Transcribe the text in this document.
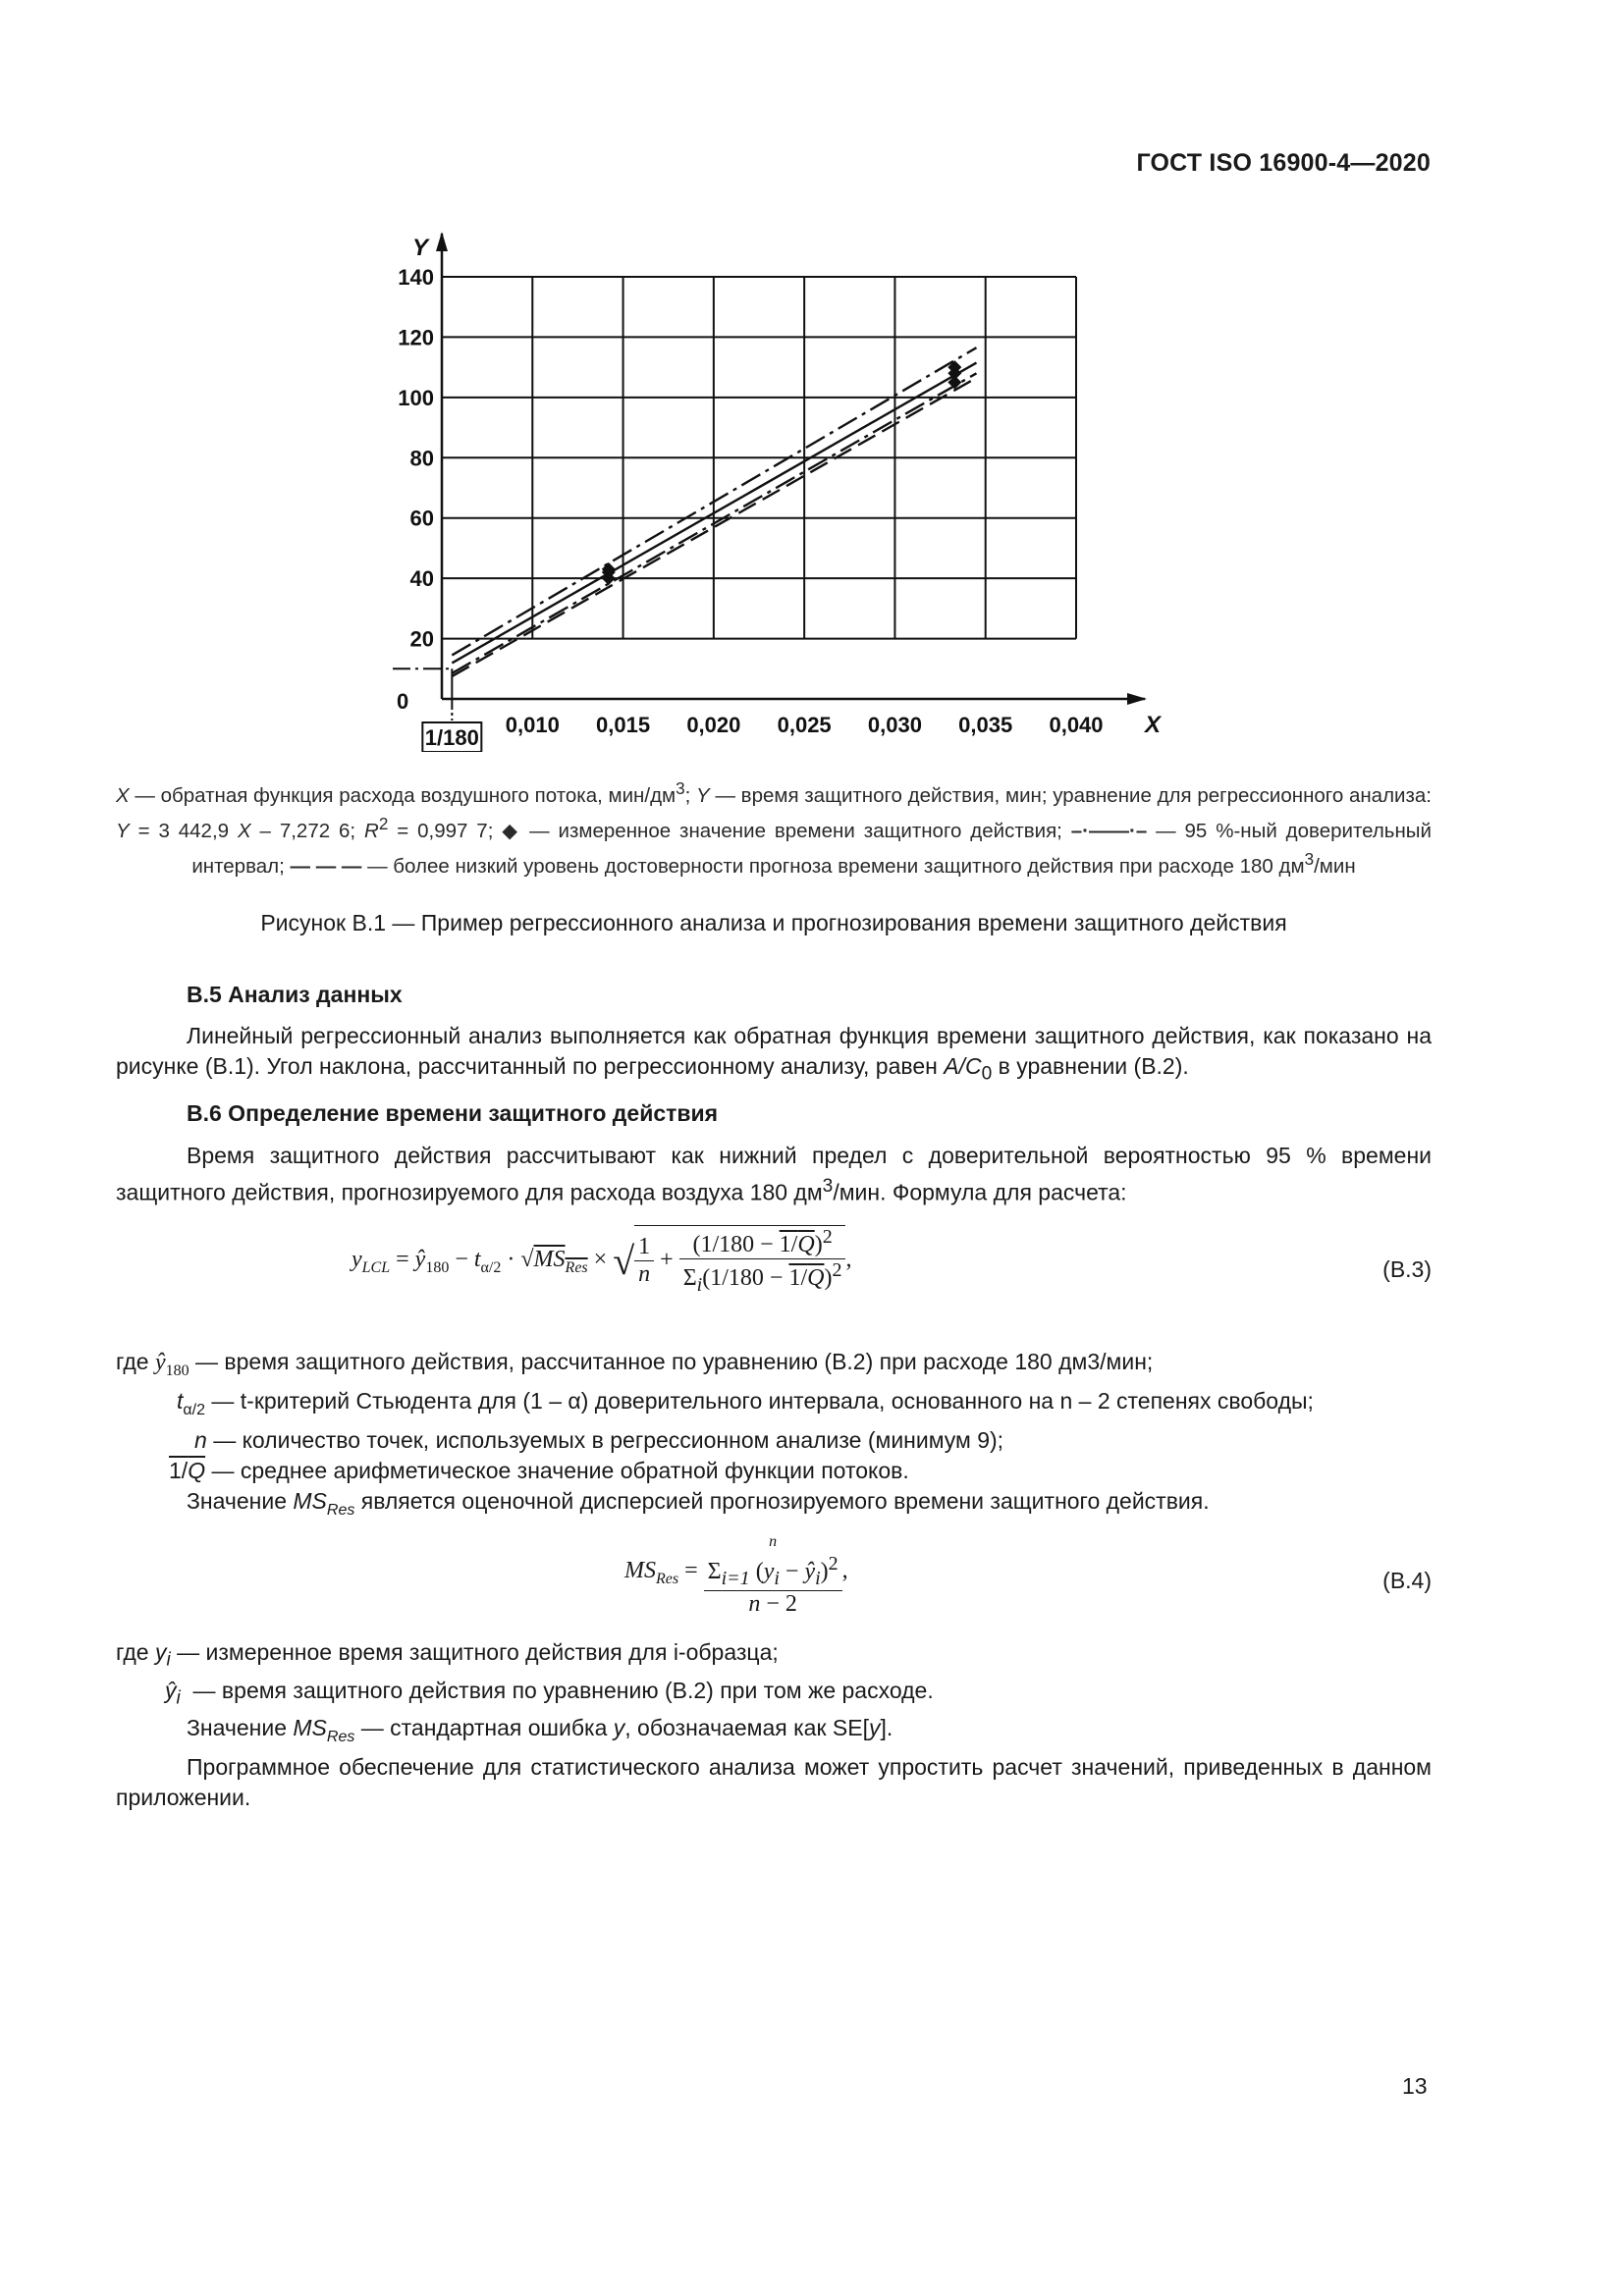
ГОСТ ISO 16900-4—2020
0
20
40
60
80
100
120
140
0,010 0,015 0,020 0,025 0,030 0,035 0,040 X
Y
1/180
X — обратная функция расхода воздушного потока, мин/$дм^3$; Y — время защитного действия, мин; уравнение для регрессионного анализа: Y = 3 442,9 X – 7,272 6; $R^2 = 0,997$ 7; ◆ — измеренное значение времени защитного действия; –·——·– — 95 %-ный доверительный интервал; — — — — более низкий уровень достоверности прогноза времени защитного действия при расходе 180 $дм^3$/мин
Рисунок В.1 — Пример регрессионного анализа и прогнозирования времени защитного действия

В.5 Анализ данных

Линейный регрессионный анализ выполняется как обратная функция времени защитного действия, как показано на рисунке (В.1). Угол наклона, рассчитанный по регрессионному анализу, равен $A/C_0$ в уравнении (В.2).

В.6 Определение времени защитного действия

Время защитного действия рассчитывают как нижний предел с доверительной вероятностью 95 % времени защитного действия, прогнозируемого для расхода воздуха 180 $дм^3$/мин. Формула для расчета:

$y_{LCL}$ = $ŷ_{180} - t_{\alpha/2} \cdot √MS_{Res}$ × √ $\frac{1}{n} + \frac{(1/180 - 1/Q)^2}{\Sigma_i(1/180 - 1/Q)^2}$ ,	(В.3)
где $ŷ_{180}$ — время защитного действия, рассчитанное по уравнению (В.2) при расходе 180 дм3/мин;
$t_{\alpha/2}$ — t-критерий Стьюдента для (1 – α) доверительного интервала, основанного на n – 2 степенях свободы;
n — количество точек, используемых в регрессионном анализе (минимум 9);
1/Q — среднее арифметическое значение обратной функции потоков.
Значение $MS_{Res}$ является оценочной дисперсией прогнозируемого времени защитного действия.
$MS_{Res}$ =
n
$\Sigma_{i=1}$ ($y_i$ − $ŷ_i)^2$
n − 2
,	(В.4)
где $y_i$ — измеренное время защитного действия для i-образца;
$ŷ_i$ — время защитного действия по уравнению (В.2) при том же расходе.
Значение $MS_{Res}$ — стандартная ошибка y, обозначаемая как SE[y].

Программное обеспечение для статистического анализа может упростить расчет значений, приведенных в данном приложении.

13
